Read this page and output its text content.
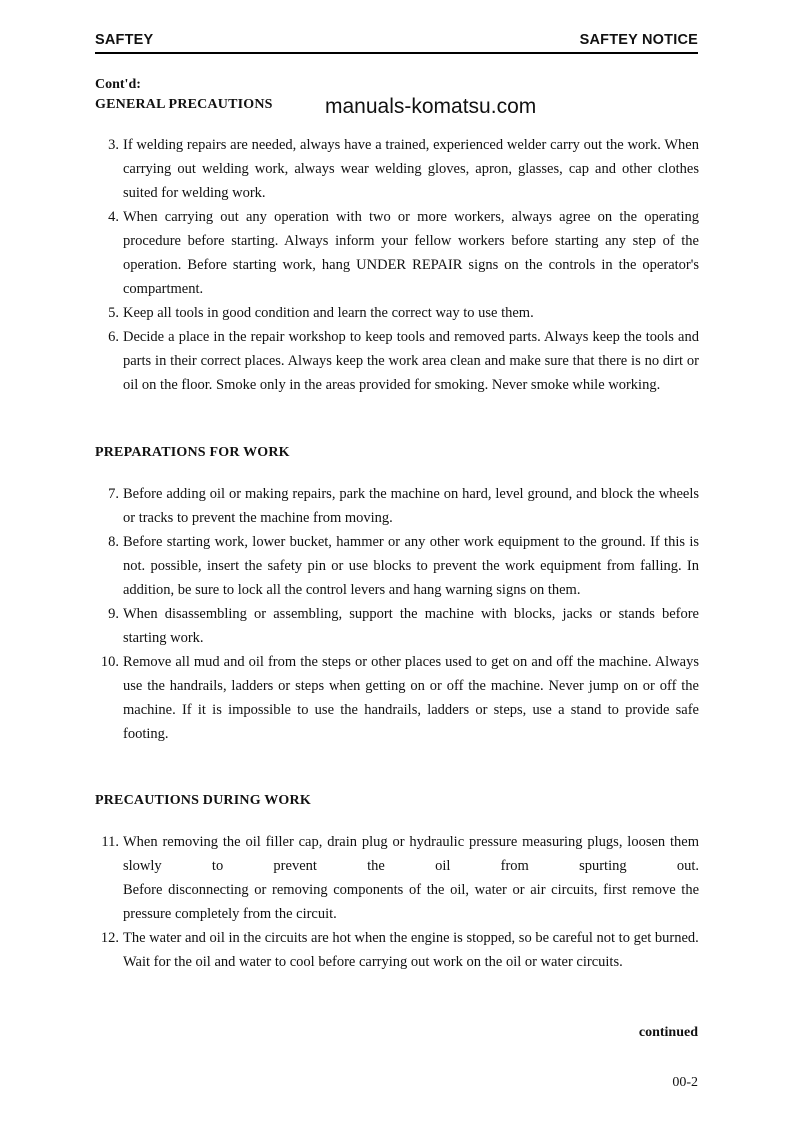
SAFTEY	SAFTEY NOTICE
Cont'd:
GENERAL PRECAUTIONS manuals-komatsu.com
3. If welding repairs are needed, always have a trained, experienced welder carry out the work. When carrying out welding work, always wear welding gloves, apron, glasses, cap and other clothes suited for welding work.
4. When carrying out any operation with two or more workers, always agree on the operating procedure before starting. Always inform your fellow workers before starting any step of the operation. Before starting work, hang UNDER REPAIR signs on the controls in the operator's compartment.
5. Keep all tools in good condition and learn the correct way to use them.
6. Decide a place in the repair workshop to keep tools and removed parts. Always keep the tools and parts in their correct places. Always keep the work area clean and make sure that there is no dirt or oil on the floor. Smoke only in the areas provided for smoking. Never smoke while working.
PREPARATIONS FOR WORK
7. Before adding oil or making repairs, park the machine on hard, level ground, and block the wheels or tracks to prevent the machine from moving.
8. Before starting work, lower bucket, hammer or any other work equipment to the ground. If this is not. possible, insert the safety pin or use blocks to prevent the work equipment from falling. In addition, be sure to lock all the control levers and hang warning signs on them.
9. When disassembling or assembling, support the machine with blocks, jacks or stands before starting work.
10. Remove all mud and oil from the steps or other places used to get on and off the machine. Always use the handrails, ladders or steps when getting on or off the machine. Never jump on or off the machine. If it is impossible to use the handrails, ladders or steps, use a stand to provide safe footing.
PRECAUTIONS DURING WORK
11. When removing the oil filler cap, drain plug or hydraulic pressure measuring plugs, loosen them slowly to prevent the oil from spurting out.
Before disconnecting or removing components of the oil, water or air circuits, first remove the pressure completely from the circuit.
12. The water and oil in the circuits are hot when the engine is stopped, so be careful not to get burned.
Wait for the oil and water to cool before carrying out work on the oil or water circuits.
continued
00-2
